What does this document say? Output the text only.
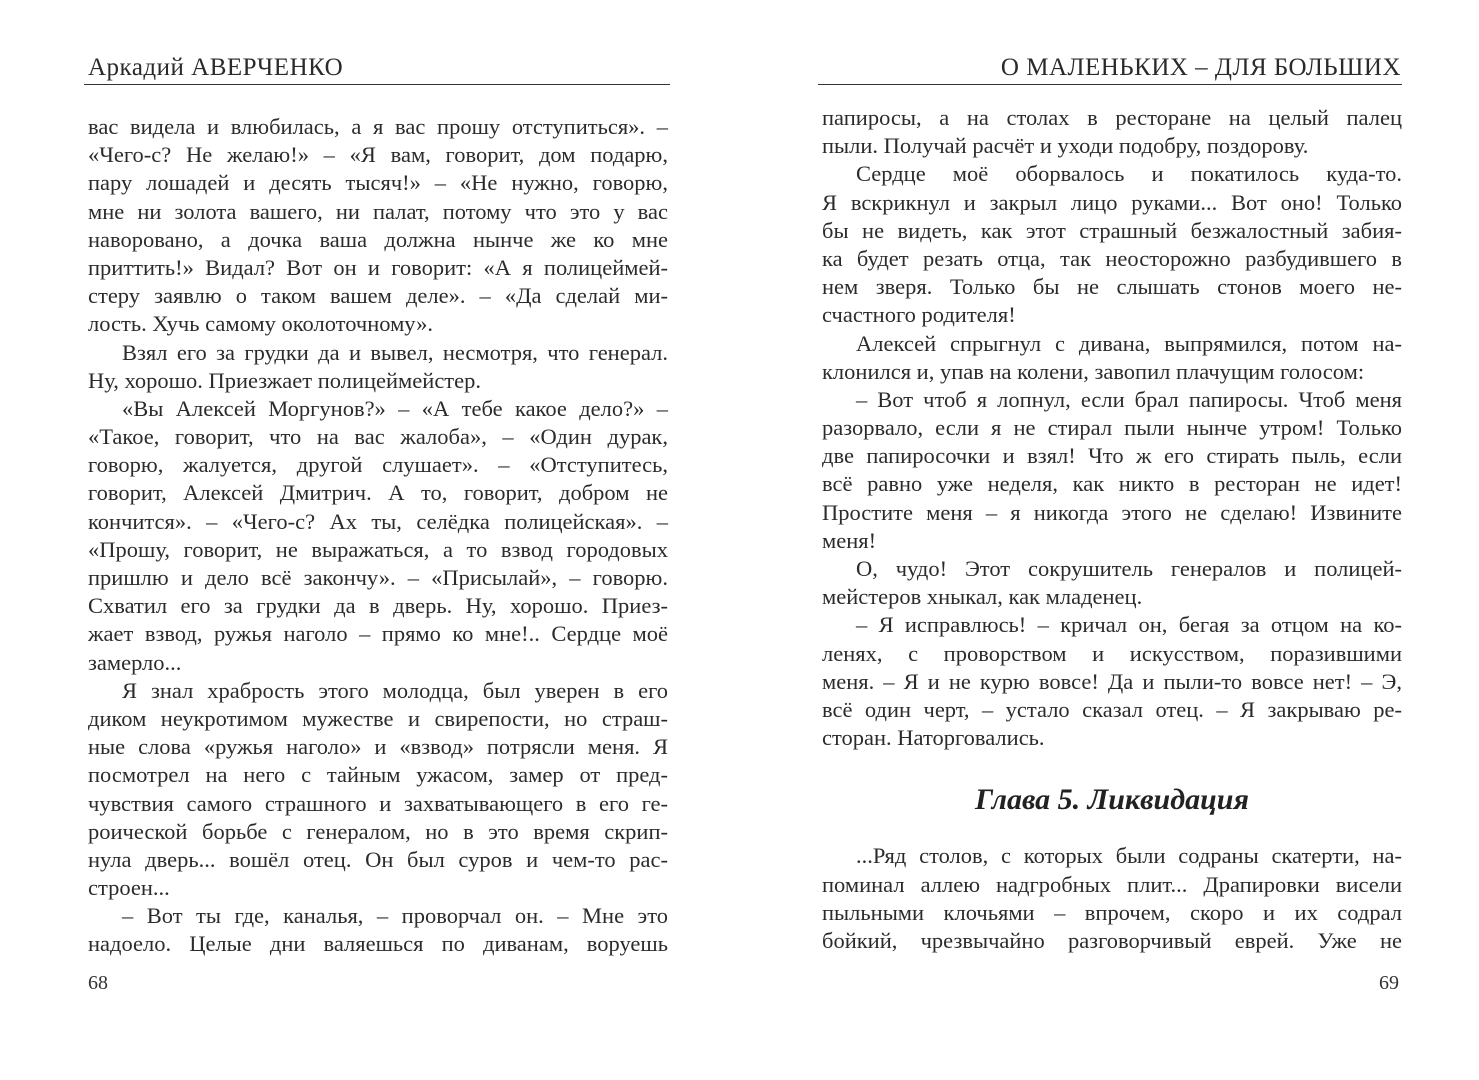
Аркадий АВЕРЧЕНКО
вас видела и влюбилась, а я вас прошу отступиться». –
«Чего-с? Не желаю!» – «Я вам, говорит, дом подарю,
пару лошадей и десять тысяч!» – «Не нужно, говорю,
мне ни золота вашего, ни палат, потому что это у вас
наворовано, а дочка ваша должна нынче же ко мне
приттить!» Видал? Вот он и говорит: «А я полицеймей-
стеру заявлю о таком вашем деле». – «Да сделай ми-
лость. Хучь самому околоточному».
Взял его за грудки да и вывел, несмотря, что генерал.
Ну, хорошо. Приезжает полицеймейстер.
«Вы Алексей Моргунов?» – «А тебе какое дело?» –
«Такое, говорит, что на вас жалоба», – «Один дурак,
говорю, жалуется, другой слушает». – «Отступитесь,
говорит, Алексей Дмитрич. А то, говорит, добром не
кончится». – «Чего-с? Ах ты, селёдка полицейская». –
«Прошу, говорит, не выражаться, а то взвод городовых
пришлю и дело всё закончу». – «Присылай», – говорю.
Схватил его за грудки да в дверь. Ну, хорошо. Приез-
жает взвод, ружья наголо – прямо ко мне!.. Сердце моё
замерло...
Я знал храбрость этого молодца, был уверен в его
диком неукротимом мужестве и свирепости, но страш-
ные слова «ружья наголо» и «взвод» потрясли меня. Я
посмотрел на него с тайным ужасом, замер от пред-
чувствия самого страшного и захватывающего в его ге-
роической борьбе с генералом, но в это время скрип-
нула дверь... вошёл отец. Он был суров и чем-то рас-
строен...
– Вот ты где, каналья, – проворчал он. – Мне это
надоело. Целые дни валяешься по диванам, воруешь
68
О МАЛЕНЬКИХ – ДЛЯ БОЛЬШИХ
папиросы, а на столах в ресторане на целый палец
пыли. Получай расчёт и уходи подобру, поздорову.
Сердце моё оборвалось и покатилось куда-то.
Я вскрикнул и закрыл лицо руками... Вот оно! Только
бы не видеть, как этот страшный безжалостный забия-
ка будет резать отца, так неосторожно разбудившего в
нем зверя. Только бы не слышать стонов моего не-
счастного родителя!
Алексей спрыгнул с дивана, выпрямился, потом на-
клонился и, упав на колени, завопил плачущим голосом:
– Вот чтоб я лопнул, если брал папиросы. Чтоб меня
разорвало, если я не стирал пыли нынче утром! Только
две папиросочки и взял! Что ж его стирать пыль, если
всё равно уже неделя, как никто в ресторан не идет!
Простите меня – я никогда этого не сделаю! Извините
меня!
О, чудо! Этот сокрушитель генералов и полицей-
мейстеров хныкал, как младенец.
– Я исправлюсь! – кричал он, бегая за отцом на ко-
ленях, с проворством и искусством, поразившими
меня. – Я и не курю вовсе! Да и пыли-то вовсе нет! – Э,
всё один черт, – устало сказал отец. – Я закрываю ре-
сторан. Наторговались.
Глава 5. Ликвидация
...Ряд столов, с которых были содраны скатерти, на-
поминал аллею надгробных плит... Драпировки висели
пыльными клочьями – впрочем, скоро и их содрал
бойкий, чрезвычайно разговорчивый еврей. Уже не
69
